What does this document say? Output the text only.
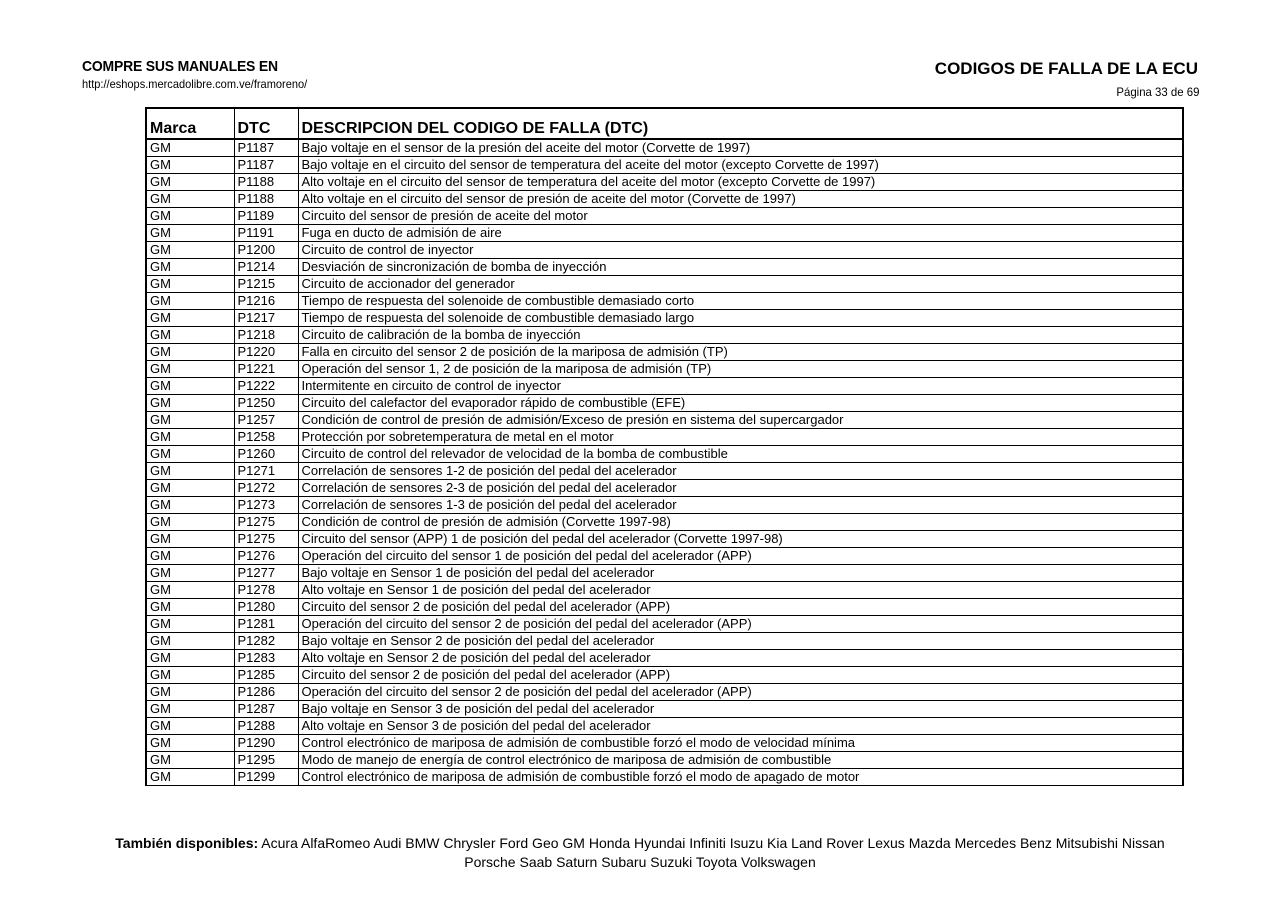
COMPRE SUS MANUALES EN
http://eshops.mercadolibre.com.ve/framoreno/
CODIGOS DE FALLA DE LA ECU
Página 33 de 69
Marca	DTC	DESCRIPCION DEL CODIGO DE FALLA (DTC)
GM	P1187	Bajo voltaje en el sensor de la presión del aceite del motor (Corvette de 1997)
GM	P1187	Bajo voltaje en el circuito del sensor de temperatura del aceite del motor (excepto Corvette de 1997)
GM	P1188	Alto voltaje en el circuito del sensor de temperatura del aceite del motor (excepto Corvette de 1997)
GM	P1188	Alto voltaje en el circuito del sensor de presión de aceite del motor (Corvette de 1997)
GM	P1189	Circuito del sensor de presión de aceite del motor
GM	P1191	Fuga en ducto de admisión de aire
GM	P1200	Circuito de control de inyector
GM	P1214	Desviación de sincronización de bomba de inyección
GM	P1215	Circuito de accionador del generador
GM	P1216	Tiempo de respuesta del solenoide de combustible demasiado corto
GM	P1217	Tiempo de respuesta del solenoide de combustible demasiado largo
GM	P1218	Circuito de calibración de la bomba de inyección
GM	P1220	Falla en circuito del sensor 2 de posición de la mariposa de admisión (TP)
GM	P1221	Operación del sensor 1, 2 de posición de la mariposa de admisión (TP)
GM	P1222	Intermitente en circuito de control de inyector
GM	P1250	Circuito del calefactor del evaporador rápido de combustible (EFE)
GM	P1257	Condición de control de presión de admisión/Exceso de presión en sistema del supercargador
GM	P1258	Protección por sobretemperatura de metal en el motor
GM	P1260	Circuito de control del relevador de velocidad de la bomba de combustible
GM	P1271	Correlación de sensores 1-2 de posición del pedal del acelerador
GM	P1272	Correlación de sensores 2-3 de posición del pedal del acelerador
GM	P1273	Correlación de sensores 1-3 de posición del pedal del acelerador
GM	P1275	Condición de control de presión de admisión (Corvette 1997-98)
GM	P1275	Circuito del sensor (APP) 1 de posición del pedal del acelerador (Corvette 1997-98)
GM	P1276	Operación del circuito del sensor 1 de posición del pedal del acelerador (APP)
GM	P1277	Bajo voltaje en Sensor 1 de posición del pedal del acelerador
GM	P1278	Alto voltaje en Sensor 1 de posición del pedal del acelerador
GM	P1280	Circuito del sensor 2 de posición del pedal del acelerador (APP)
GM	P1281	Operación del circuito del sensor 2 de posición del pedal del acelerador (APP)
GM	P1282	Bajo voltaje en Sensor 2 de posición del pedal del acelerador
GM	P1283	Alto voltaje en Sensor 2 de posición del pedal del acelerador
GM	P1285	Circuito del sensor 2 de posición del pedal del acelerador (APP)
GM	P1286	Operación del circuito del sensor 2 de posición del pedal del acelerador (APP)
GM	P1287	Bajo voltaje en Sensor 3 de posición del pedal del acelerador
GM	P1288	Alto voltaje en Sensor 3 de posición del pedal del acelerador
GM	P1290	Control electrónico de mariposa de admisión de combustible forzó el modo de velocidad mínima
GM	P1295	Modo de manejo de energía de control electrónico de mariposa de admisión de combustible
GM	P1299	Control electrónico de mariposa de admisión de combustible forzó el modo de apagado de motor
También disponibles: Acura AlfaRomeo Audi BMW Chrysler Ford Geo GM Honda Hyundai Infiniti Isuzu Kia Land Rover Lexus Mazda Mercedes Benz Mitsubishi Nissan
Porsche Saab Saturn Subaru Suzuki Toyota Volkswagen
